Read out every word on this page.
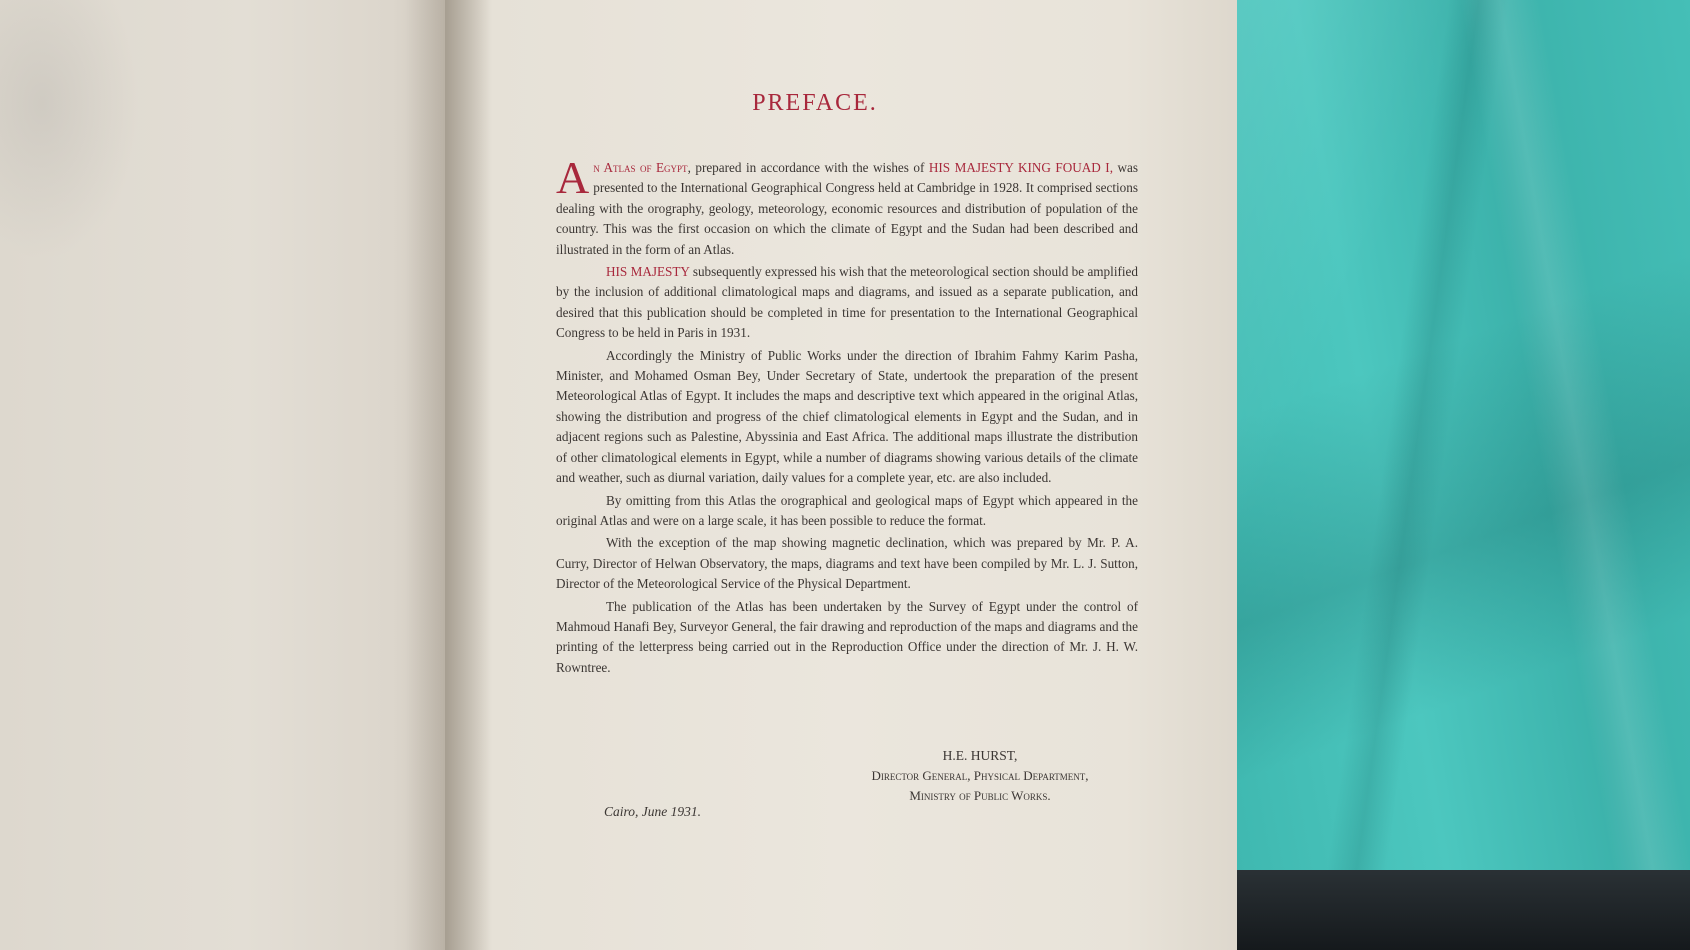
PREFACE.

An Atlas of Egypt, prepared in accordance with the wishes of HIS MAJESTY KING FOUAD I, was presented to the International Geographical Congress held at Cambridge in 1928. It comprised sections dealing with the orography, geology, meteorology, economic resources and distribution of population of the country. This was the first occasion on which the climate of Egypt and the Sudan had been described and illustrated in the form of an Atlas.

HIS MAJESTY subsequently expressed his wish that the meteorological section should be amplified by the inclusion of additional climatological maps and diagrams, and issued as a separate publication, and desired that this publication should be completed in time for presentation to the International Geographical Congress to be held in Paris in 1931.

Accordingly the Ministry of Public Works under the direction of Ibrahim Fahmy Karim Pasha, Minister, and Mohamed Osman Bey, Under Secretary of State, undertook the preparation of the present Meteorological Atlas of Egypt. It includes the maps and descriptive text which appeared in the original Atlas, showing the distribution and progress of the chief climatological elements in Egypt and the Sudan, and in adjacent regions such as Palestine, Abyssinia and East Africa. The additional maps illustrate the distribution of other climatological elements in Egypt, while a number of diagrams showing various details of the climate and weather, such as diurnal variation, daily values for a complete year, etc. are also included.

By omitting from this Atlas the orographical and geological maps of Egypt which appeared in the original Atlas and were on a large scale, it has been possible to reduce the format.

With the exception of the map showing magnetic declination, which was prepared by Mr. P. A. Curry, Director of Helwan Observatory, the maps, diagrams and text have been compiled by Mr. L. J. Sutton, Director of the Meteorological Service of the Physical Department.

The publication of the Atlas has been undertaken by the Survey of Egypt under the control of Mahmoud Hanafi Bey, Surveyor General, the fair drawing and reproduction of the maps and diagrams and the printing of the letterpress being carried out in the Reproduction Office under the direction of Mr. J. H. W. Rowntree.

H.E. HURST,
Director General, Physical Department,
Ministry of Public Works.
Cairo, June 1931.
